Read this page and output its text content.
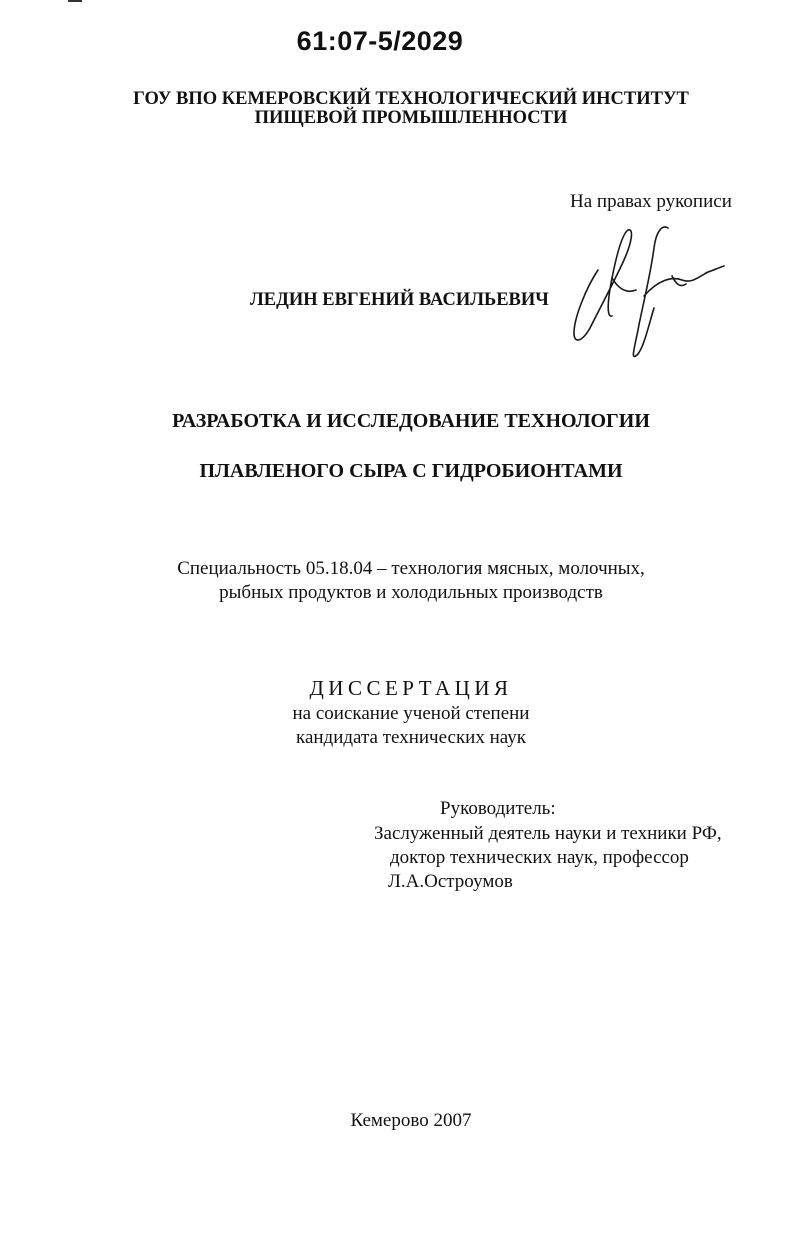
61:07-5/2029
ГОУ ВПО КЕМЕРОВСКИЙ ТЕХНОЛОГИЧЕСКИЙ ИНСТИТУТ
ПИЩЕВОЙ ПРОМЫШЛЕННОСТИ
На правах рукописи
ЛЕДИН ЕВГЕНИЙ ВАСИЛЬЕВИЧ
РАЗРАБОТКА И ИССЛЕДОВАНИЕ ТЕХНОЛОГИИ
ПЛАВЛЕНОГО СЫРА С ГИДРОБИОНТАМИ
Специальность 05.18.04 – технология мясных, молочных,
рыбных продуктов и холодильных производств
ДИССЕРТАЦИЯ
на соискание ученой степени
кандидата технических наук
Руководитель:
Заслуженный деятель науки и техники РФ,
доктор технических наук, профессор
Л.А.Остроумов
Кемерово 2007
